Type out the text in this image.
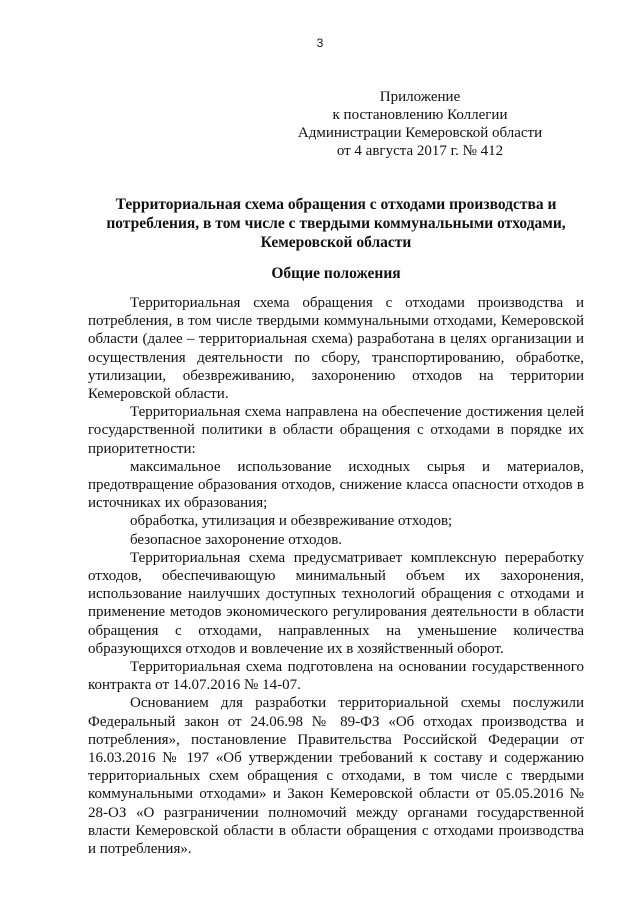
3
Приложение
к постановлению Коллегии
Администрации Кемеровской области
от 4 августа 2017 г. № 412
Территориальная схема обращения с отходами производства и
потребления, в том числе с твердыми коммунальными отходами,
Кемеровской области
Общие положения

Территориальная схема обращения с отходами производства и потребления, в том числе твердыми коммунальными отходами, Кемеровской области (далее – территориальная схема) разработана в целях организации и осуществления деятельности по сбору, транспортированию, обработке, утилизации, обезвреживанию, захоронению отходов на территории Кемеровской области.

Территориальная схема направлена на обеспечение достижения целей государственной политики в области обращения с отходами в порядке их приоритетности:

максимальное использование исходных сырья и материалов, предотвращение образования отходов, снижение класса опасности отходов в источниках их образования;

обработка, утилизация и обезвреживание отходов;

безопасное захоронение отходов.

Территориальная схема предусматривает комплексную переработку отходов, обеспечивающую минимальный объем их захоронения, использование наилучших доступных технологий обращения с отходами и применение методов экономического регулирования деятельности в области обращения с отходами, направленных на уменьшение количества образующихся отходов и вовлечение их в хозяйственный оборот.

Территориальная схема подготовлена на основании государственного контракта от 14.07.2016 № 14-07.

Основанием для разработки территориальной схемы послужили Федеральный закон от 24.06.98 № 89-ФЗ «Об отходах производства и потребления», постановление Правительства Российской Федерации от 16.03.2016 № 197 «Об утверждении требований к составу и содержанию территориальных схем обращения с отходами, в том числе с твердыми коммунальными отходами» и Закон Кемеровской области от 05.05.2016 № 28-ОЗ «О разграничении полномочий между органами государственной власти Кемеровской области в области обращения с отходами производства и потребления».
